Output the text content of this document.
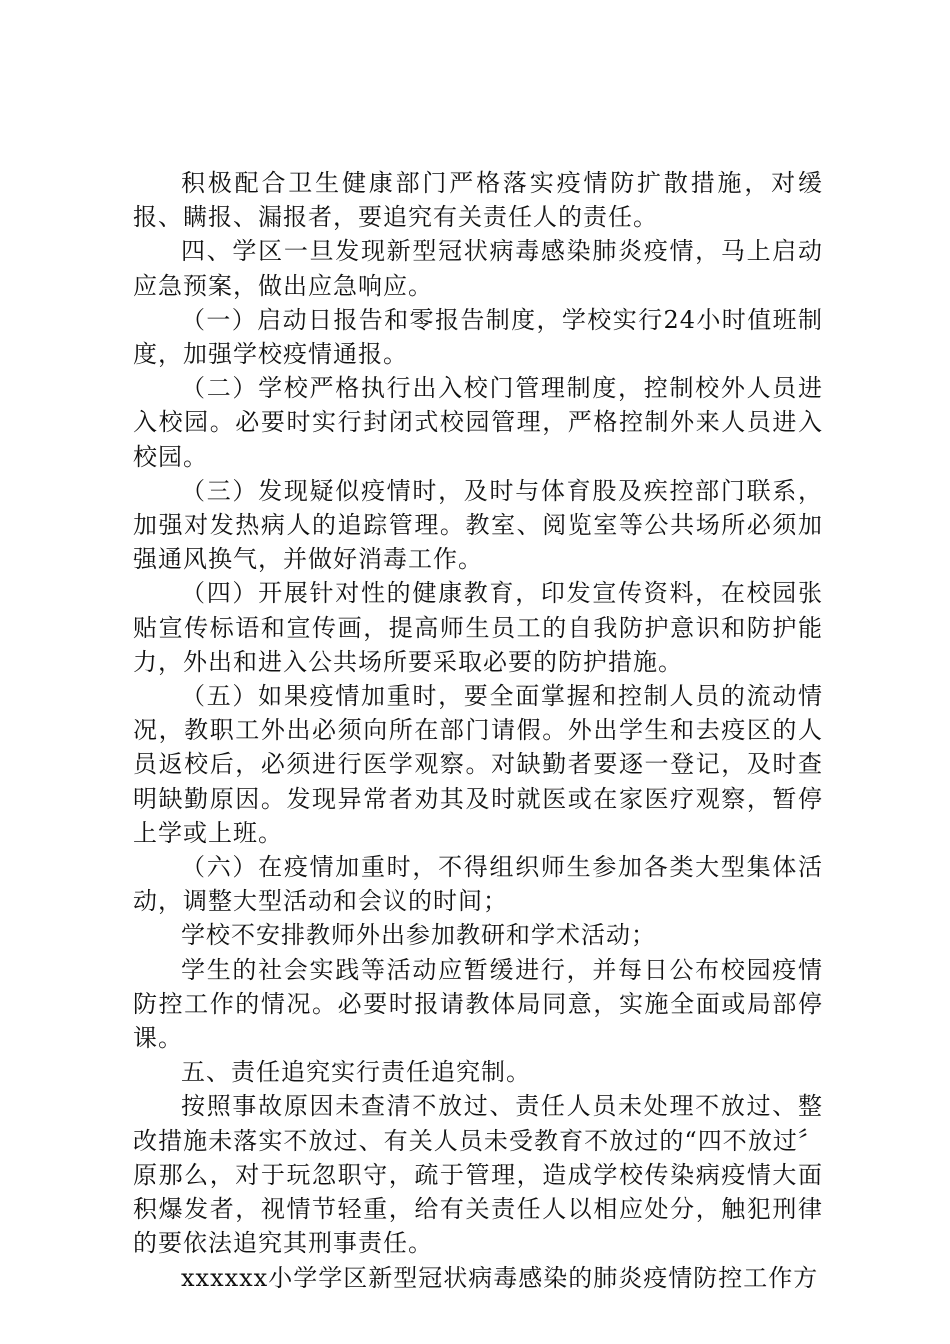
积极配合卫生健康部门严格落实疫情防扩散措施，对缓报、瞒报、漏报者，要追究有关责任人的责任。

四、学区一旦发现新型冠状病毒感染肺炎疫情，马上启动应急预案，做出应急响应。

（一）启动日报告和零报告制度，学校实行24小时值班制度，加强学校疫情通报。

（二）学校严格执行出入校门管理制度，控制校外人员进入校园。必要时实行封闭式校园管理，严格控制外来人员进入校园。

（三）发现疑似疫情时，及时与体育股及疾控部门联系，加强对发热病人的追踪管理。教室、阅览室等公共场所必须加强通风换气，并做好消毒工作。

（四）开展针对性的健康教育，印发宣传资料，在校园张贴宣传标语和宣传画，提高师生员工的自我防护意识和防护能力，外出和进入公共场所要采取必要的防护措施。

（五）如果疫情加重时，要全面掌握和控制人员的流动情况，教职工外出必须向所在部门请假。外出学生和去疫区的人员返校后，必须进行医学观察。对缺勤者要逐一登记，及时查明缺勤原因。发现异常者劝其及时就医或在家医疗观察，暂停上学或上班。

（六）在疫情加重时，不得组织师生参加各类大型集体活动，调整大型活动和会议的时间；

学校不安排教师外出参加教研和学术活动；

学生的社会实践等活动应暂缓进行，并每日公布校园疫情防控工作的情况。必要时报请教体局同意，实施全面或局部停课。

五、责任追究实行责任追究制。

按照事故原因未查清不放过、责任人员未处理不放过、整改措施未落实不放过、有关人员未受教育不放过的“四不放过〞原那么，对于玩忽职守，疏于管理，造成学校传染病疫情大面积爆发者，视情节轻重，给有关责任人以相应处分，触犯刑律的要依法追究其刑事责任。

xxxxxx小学学区新型冠状病毒感染的肺炎疫情防控工作方
